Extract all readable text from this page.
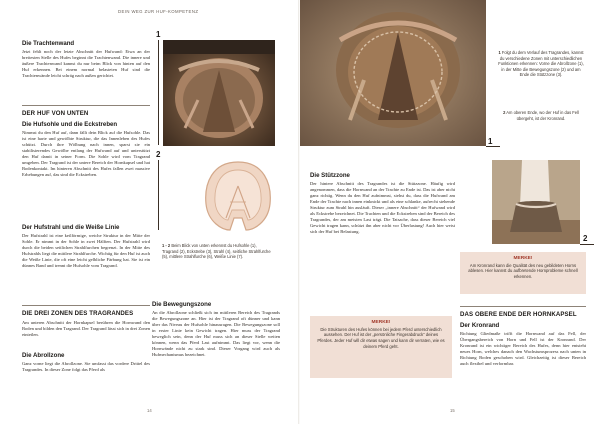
DEIN WEG ZUR HUF-KOMPETENZ
Die Trachtenwand
Jetzt fehlt noch der letzte Abschnitt der Hufwand: Etwa an der breitesten Stelle des Hufes beginnt die Trachtenwand. Die innere und äußere Trachtenwand kannst du nur beim Blick von hinten auf den Huf erkennen. Bei einem normal belasteten Huf sind die Trachtenwände leicht schräg nach außen gerichtet.
DER HUF VON UNTEN
Die Hufsohle und die Eckstreben
Nimmst du den Huf auf, dann fällt dein Blick auf die Hufsohle. Das ist eine harte und gewölbte Struktur, die das Innenleben des Hufes schützt. Durch ihre Wölbung nach innen, sparst sie ein stabilisierendes Gewölbe entlang der Hufwand auf und unterstützt den Huf damit in seiner Form. Die Sohle wird vom Tragrand umgeben. Der Tragrand ist der untere Bereich der Hornkapsel und hat Bodenkontakt. Im hinteren Abschnitt des Hufes fallen zwei massive Erhebungen auf, das sind die Eckstreben.
Der Hufstrahl und die Weiße Linie
Der Hufstrahl ist eine keilförmige, weiche Struktur in der Mitte der Sohle. Er nimmt in der Sohle in zwei Hälften. Der Hufstrahl wird durch die beiden seitlichen Strahlfurchen begrenzt. In der Mitte des Hufstrahls liegt die mittlere Strahlfurche. Wichtig für den Huf ist auch die Weiße Linie, die oft eine leicht gelbliche Färbung hat. Sie ist ein dünnes Band und trennt die Hufsohle vom Tragrand.
DIE DREI ZONEN DES TRAGRANDES
Am unteren Abschnitt der Hornkapsel berühren die Hornwand den Boden und bilden den Tragrand. Der Tragrand lässt sich in drei Zonen einteilen.
Die Abrollzone
Ganz vorne liegt die Abrollzone. Sie umfasst das vordere Drittel des Tragrandes. In dieser Zone folgt das Pferd als
1
2
1 - 2 Beim Blick von unten erkennst du Hufsohle (1), Tragrand (2), Eckstrebe (3), Strahl (4), seitliche Strahlfurche (5), mittlere Strahlfurche (6), Weiße Linie (7).
Die Bewegungszone
An die Abrollzone schließt sich im mittleren Bereich des Tragrands die Bewegungszone an. Hier ist der Tragrand oft dünner und kann über das Niveau der Hufsohle hinausragen. Die Bewegungszone soll in erster Linie kein Gewicht tragen. Hier muss der Tragrand beweglich sein, denn der Huf muss sich an dieser Stelle weiten können, wenn das Pferd Last aufnimmt. Das liegt vor, wenn die Hornwände nicht zu stark sind. Dieser Vorgang wird auch als Hufmechanismus bezeichnet.
14
1
1 Folgt du dem Verlauf des Tragrandes, kannst du verschiedene Zonen mit unterschiedlichen Funktionen erkennen: Vorne die Abrollzone (1), in der Mitte die Bewegungszone (2) und am Ende die Stützzone (3).
2 Am oberen Ende, wo der Huf in das Fell übergeht, ist der Kronrand.
Die Stützzone
Der hintere Abschnitt des Tragrandes ist die Stützzone. Häufig wird angenommen, dass die Hornwand an der Trachte zu Ende ist. Das ist aber nicht ganz richtig. Wenn du den Huf aufnimmst, siehst du, dass die Hufwand am Ende der Trachte nach innen einknickt und als eine schlanke, aufrecht stehende Struktur zum Strahl hin ausläuft. Dieser „innere Abschnitt“ der Hufwand wird als Eckstrebe bezeichnet. Die Trachten und die Eckstreben sind der Bereich des Tragrandes, der am meisten Last trägt. Die Tatsache, dass dieser Bereich viel Gewicht tragen kann, schützt ihn aber nicht vor Überlastung! Auch hier weist sich der Huf bei Belastung.
MERKE!
Die Strukturen des Hufes können bei jedem Pferd unterschiedlich aussehen. Der Huf ist der „persönliche Fingerabdruck“ deines Pferdes. Jeder Huf will dir etwas sagen und kann dir verraten, wie es deinem Pferd geht.
2
MERKE!
Am Kronrand kann die Qualität des neu gebildeten Horns ablesen. Hier kannst du aufbretende Hornprobleme schnell erkennen.
DAS OBERE ENDE DER HORNKAPSEL
Der Kronrand
Richtung Gliedmaße trifft die Hornwand auf das Fell, der Übergangsbereich von Horn und Fell ist der Kronrand. Der Kronrand ist ein wichtiger Bereich des Hufes, denn hier entsteht neues Horn, welches danach den Wachstumsprozess nach unten in Richtung Boden geschoben wird. Gleichzeitig ist dieser Bereich auch flexibel und verformbar.
15
